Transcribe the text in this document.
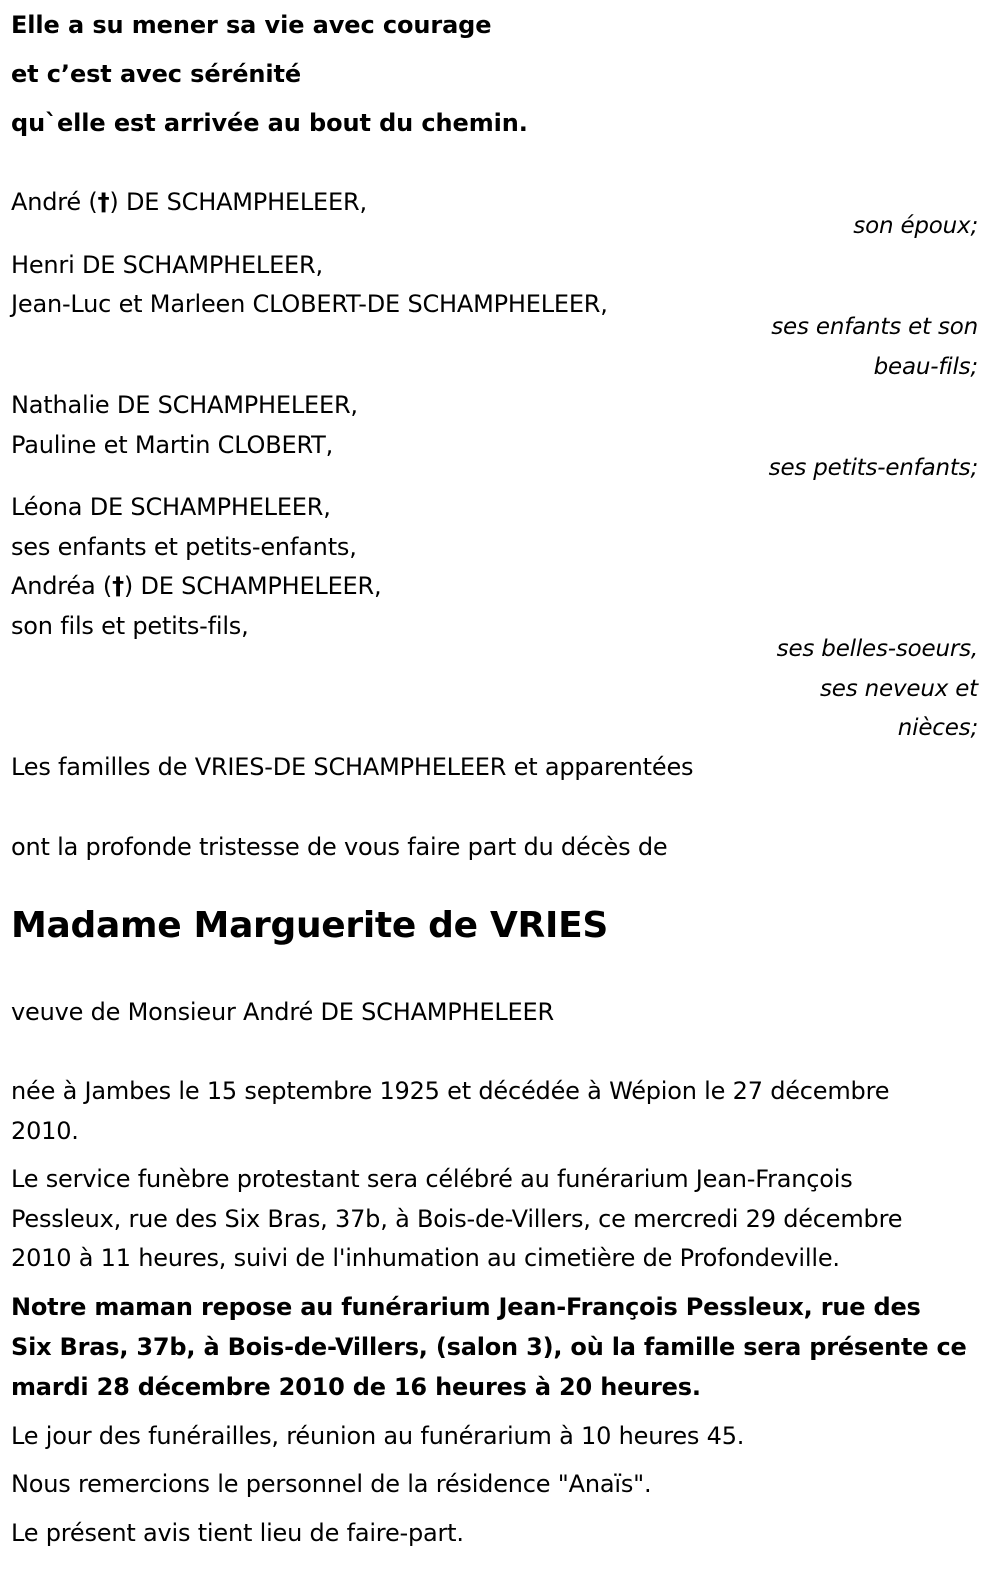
Elle a su mener sa vie avec courage
et c’est avec sérénité
qu`elle est arrivée au bout du chemin.
André (†) DE SCHAMPHELEER,
son époux;
Henri DE SCHAMPHELEER,
Jean-Luc et Marleen CLOBERT-DE SCHAMPHELEER,
ses enfants et son
beau-fils;
Nathalie DE SCHAMPHELEER,
Pauline et Martin CLOBERT,
ses petits-enfants;
Léona DE SCHAMPHELEER,
ses enfants et petits-enfants,
Andréa (†) DE SCHAMPHELEER,
son fils et petits-fils,
ses belles-soeurs,
ses neveux et
nièces;
Les familles de VRIES-DE SCHAMPHELEER et apparentées
ont la profonde tristesse de vous faire part du décès de
Madame Marguerite de VRIES
veuve de Monsieur André DE SCHAMPHELEER
née à Jambes le 15 septembre 1925 et décédée à Wépion le 27 décembre
2010.
Le service funèbre protestant sera célébré au funérarium Jean-François
Pessleux, rue des Six Bras, 37b, à Bois-de-Villers, ce mercredi 29 décembre
2010 à 11 heures, suivi de l'inhumation au cimetière de Profondeville.
Notre maman repose au funérarium Jean-François Pessleux, rue des
Six Bras, 37b, à Bois-de-Villers, (salon 3), où la famille sera présente ce
mardi 28 décembre 2010 de 16 heures à 20 heures.
Le jour des funérailles, réunion au funérarium à 10 heures 45.
Nous remercions le personnel de la résidence "Anaïs".
Le présent avis tient lieu de faire-part.
